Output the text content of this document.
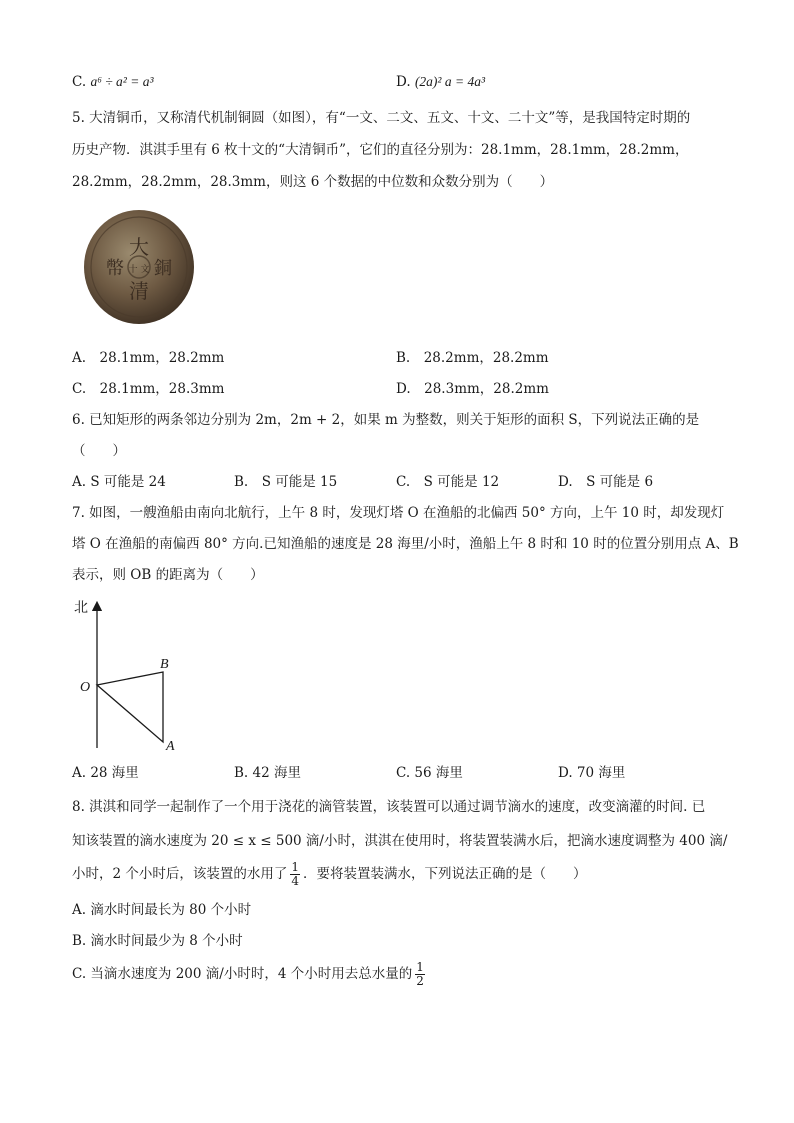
C. a⁶ ÷ a² = a³	D. (2a)² a = 4a³
5. 大清铜币，又称清代机制铜圆（如图），有“一文、二文、五文、十文、二十文”等，是我国特定时期的
历史产物．淇淇手里有 6 枚十文的“大清铜币”，它们的直径分别为：28.1mm，28.1mm，28.2mm，
28.2mm，28.2mm，28.3mm，则这 6 个数据的中位数和众数分别为（　　）
大
清
銅
幣 十 文
A.　28.1mm，28.2mm	B.　28.2mm，28.2mm
C.　28.1mm，28.3mm	D.　28.3mm，28.2mm
6. 已知矩形的两条邻边分别为 2m，2m + 2，如果 m 为整数，则关于矩形的面积 S，下列说法正确的是
（　　）
A. S 可能是 24	B.　S 可能是 15	C.　S 可能是 12	D.　S 可能是 6
7. 如图，一艘渔船由南向北航行，上午 8 时，发现灯塔 O 在渔船的北偏西 50° 方向，上午 10 时，却发现灯
塔 O 在渔船的南偏西 80° 方向.已知渔船的速度是 28 海里/小时，渔船上午 8 时和 10 时的位置分别用点 A、B
表示，则 OB 的距离为（　　）
北
O
B
A
A. 28 海里	B. 42 海里	C. 56 海里	D. 70 海里
8. 淇淇和同学一起制作了一个用于浇花的滴管装置，该装置可以通过调节滴水的速度，改变滴灌的时间. 已
知该装置的滴水速度为 20 ≤ x ≤ 500 滴/小时，淇淇在使用时，将装置装满水后，把滴水速度调整为 400 滴/
小时，2 个小时后，该装置的水用了 $\frac{1}{4}$ ．要将装置装满水，下列说法正确的是（　　）
A. 滴水时间最长为 80 个小时
B. 滴水时间最少为 8 个小时
C. 当滴水速度为 200 滴/小时时，4 个小时用去总水量的 $\frac{1}{2}$
